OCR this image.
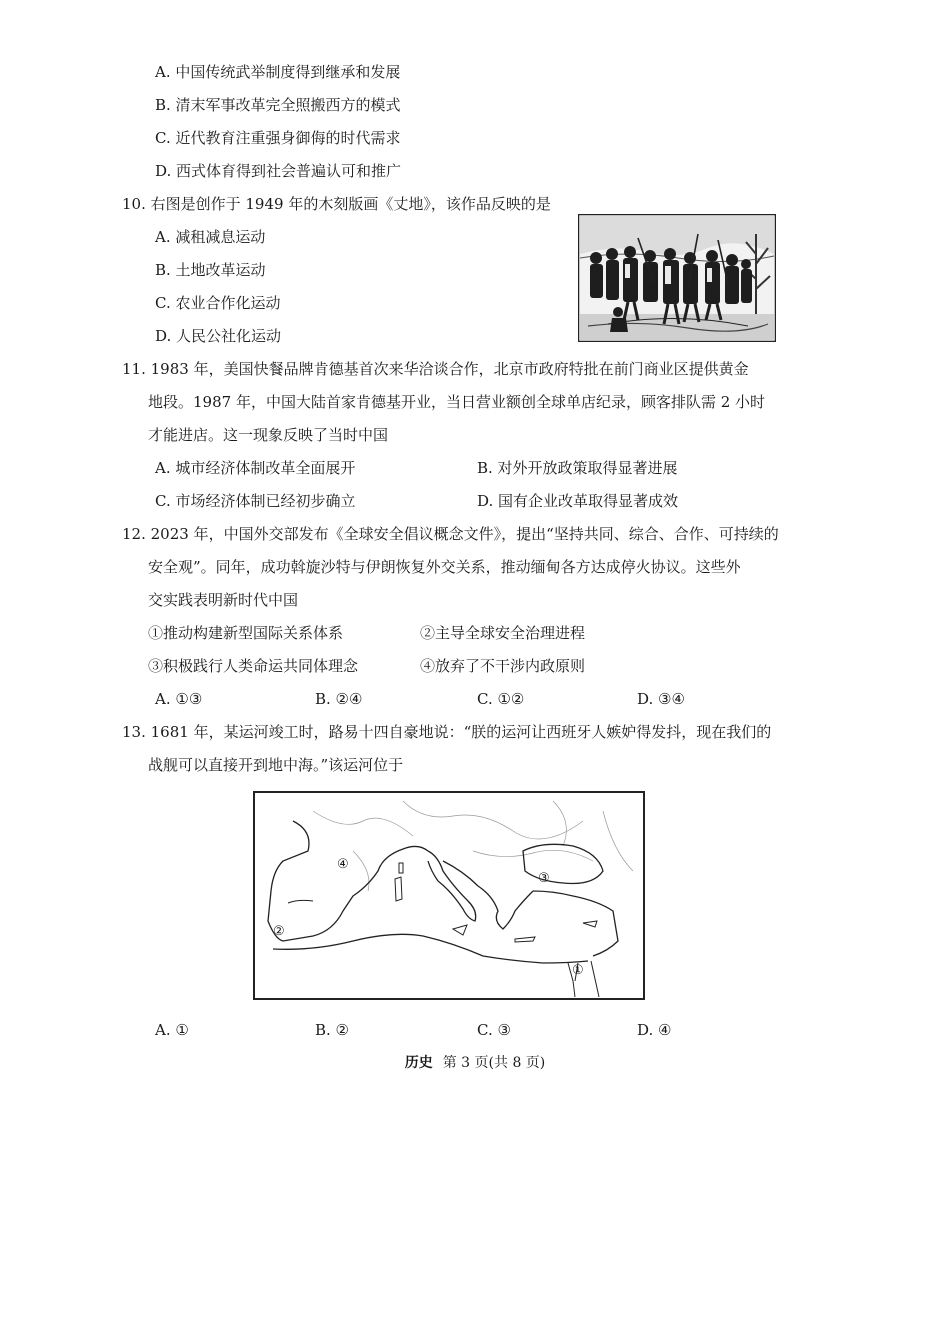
A. 中国传统武举制度得到继承和发展
B. 清末军事改革完全照搬西方的模式
C. 近代教育注重强身御侮的时代需求
D. 西式体育得到社会普遍认可和推广
10. 右图是创作于 1949 年的木刻版画《丈地》，该作品反映的是
A. 减租减息运动
B. 土地改革运动
C. 农业合作化运动
D. 人民公社化运动
11. 1983 年，美国快餐品牌肯德基首次来华洽谈合作，北京市政府特批在前门商业区提供黄金
地段。1987 年，中国大陆首家肯德基开业，当日营业额创全球单店纪录，顾客排队需 2 小时
才能进店。这一现象反映了当时中国
A. 城市经济体制改革全面展开	B. 对外开放政策取得显著进展
C. 市场经济体制已经初步确立	D. 国有企业改革取得显著成效
12. 2023 年，中国外交部发布《全球安全倡议概念文件》，提出“坚持共同、综合、合作、可持续的
安全观”。同年，成功斡旋沙特与伊朗恢复外交关系，推动缅甸各方达成停火协议。这些外
交实践表明新时代中国
①推动构建新型国际关系体系	②主导全球安全治理进程
③积极践行人类命运共同体理念	④放弃了不干涉内政原则
A. ①③	B. ②④	C. ①②	D. ③④
13. 1681 年，某运河竣工时，路易十四自豪地说：“朕的运河让西班牙人嫉妒得发抖，现在我们的
战舰可以直接开到地中海。”该运河位于
①
②
③
④
A. ①	B. ②	C. ③	D. ④
历史 第 3 页(共 8 页)
